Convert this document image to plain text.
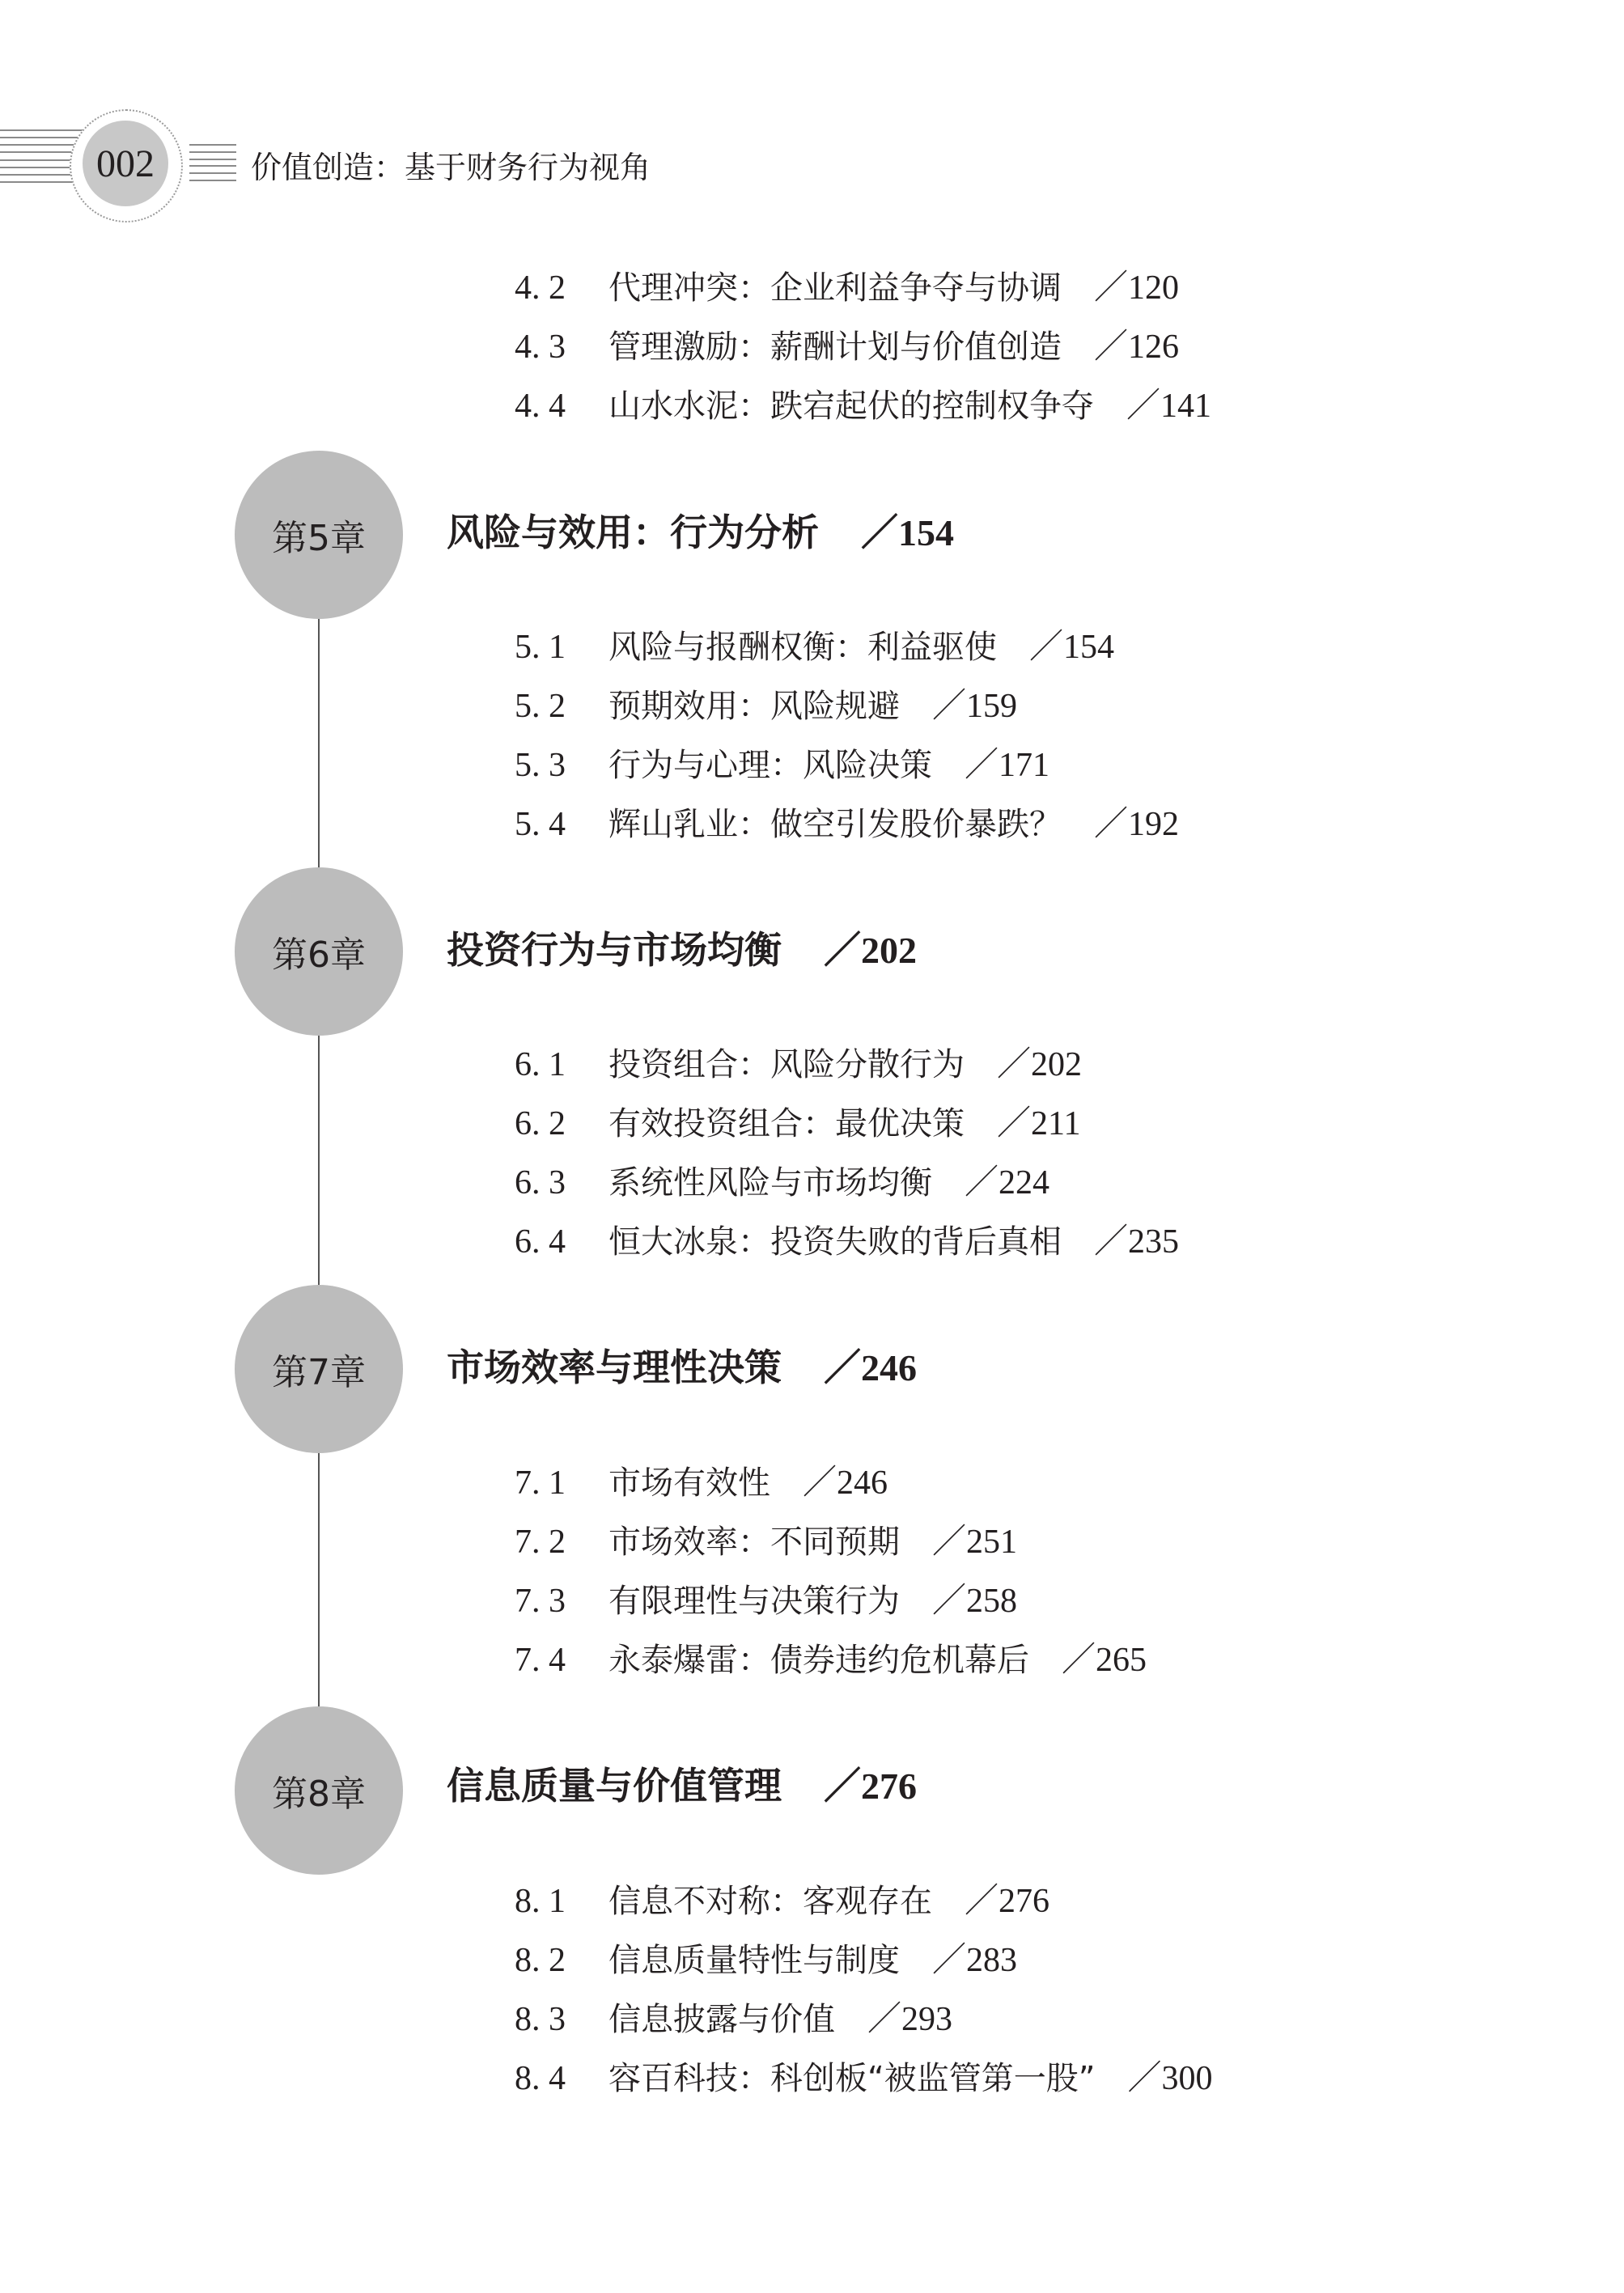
002	价值创造：基于财务行为视角
4. 2 代理冲突：企业利益争夺与协调 ／120
4. 3 管理激励：薪酬计划与价值创造 ／126
4. 4 山水水泥：跌宕起伏的控制权争夺 ／141
第5章 风险与效用：行为分析 ／154
5. 1 风险与报酬权衡：利益驱使 ／154
5. 2 预期效用：风险规避 ／159
5. 3 行为与心理：风险决策 ／171
5. 4 辉山乳业：做空引发股价暴跌？ ／192
第6章 投资行为与市场均衡 ／202
6. 1 投资组合：风险分散行为 ／202
6. 2 有效投资组合：最优决策 ／211
6. 3 系统性风险与市场均衡 ／224
6. 4 恒大冰泉：投资失败的背后真相 ／235
第7章 市场效率与理性决策 ／246
7. 1 市场有效性 ／246
7. 2 市场效率：不同预期 ／251
7. 3 有限理性与决策行为 ／258
7. 4 永泰爆雷：债券违约危机幕后 ／265
第8章 信息质量与价值管理 ／276
8. 1 信息不对称：客观存在 ／276
8. 2 信息质量特性与制度 ／283
8. 3 信息披露与价值 ／293
8. 4 容百科技：科创板“被监管第一股” ／300
